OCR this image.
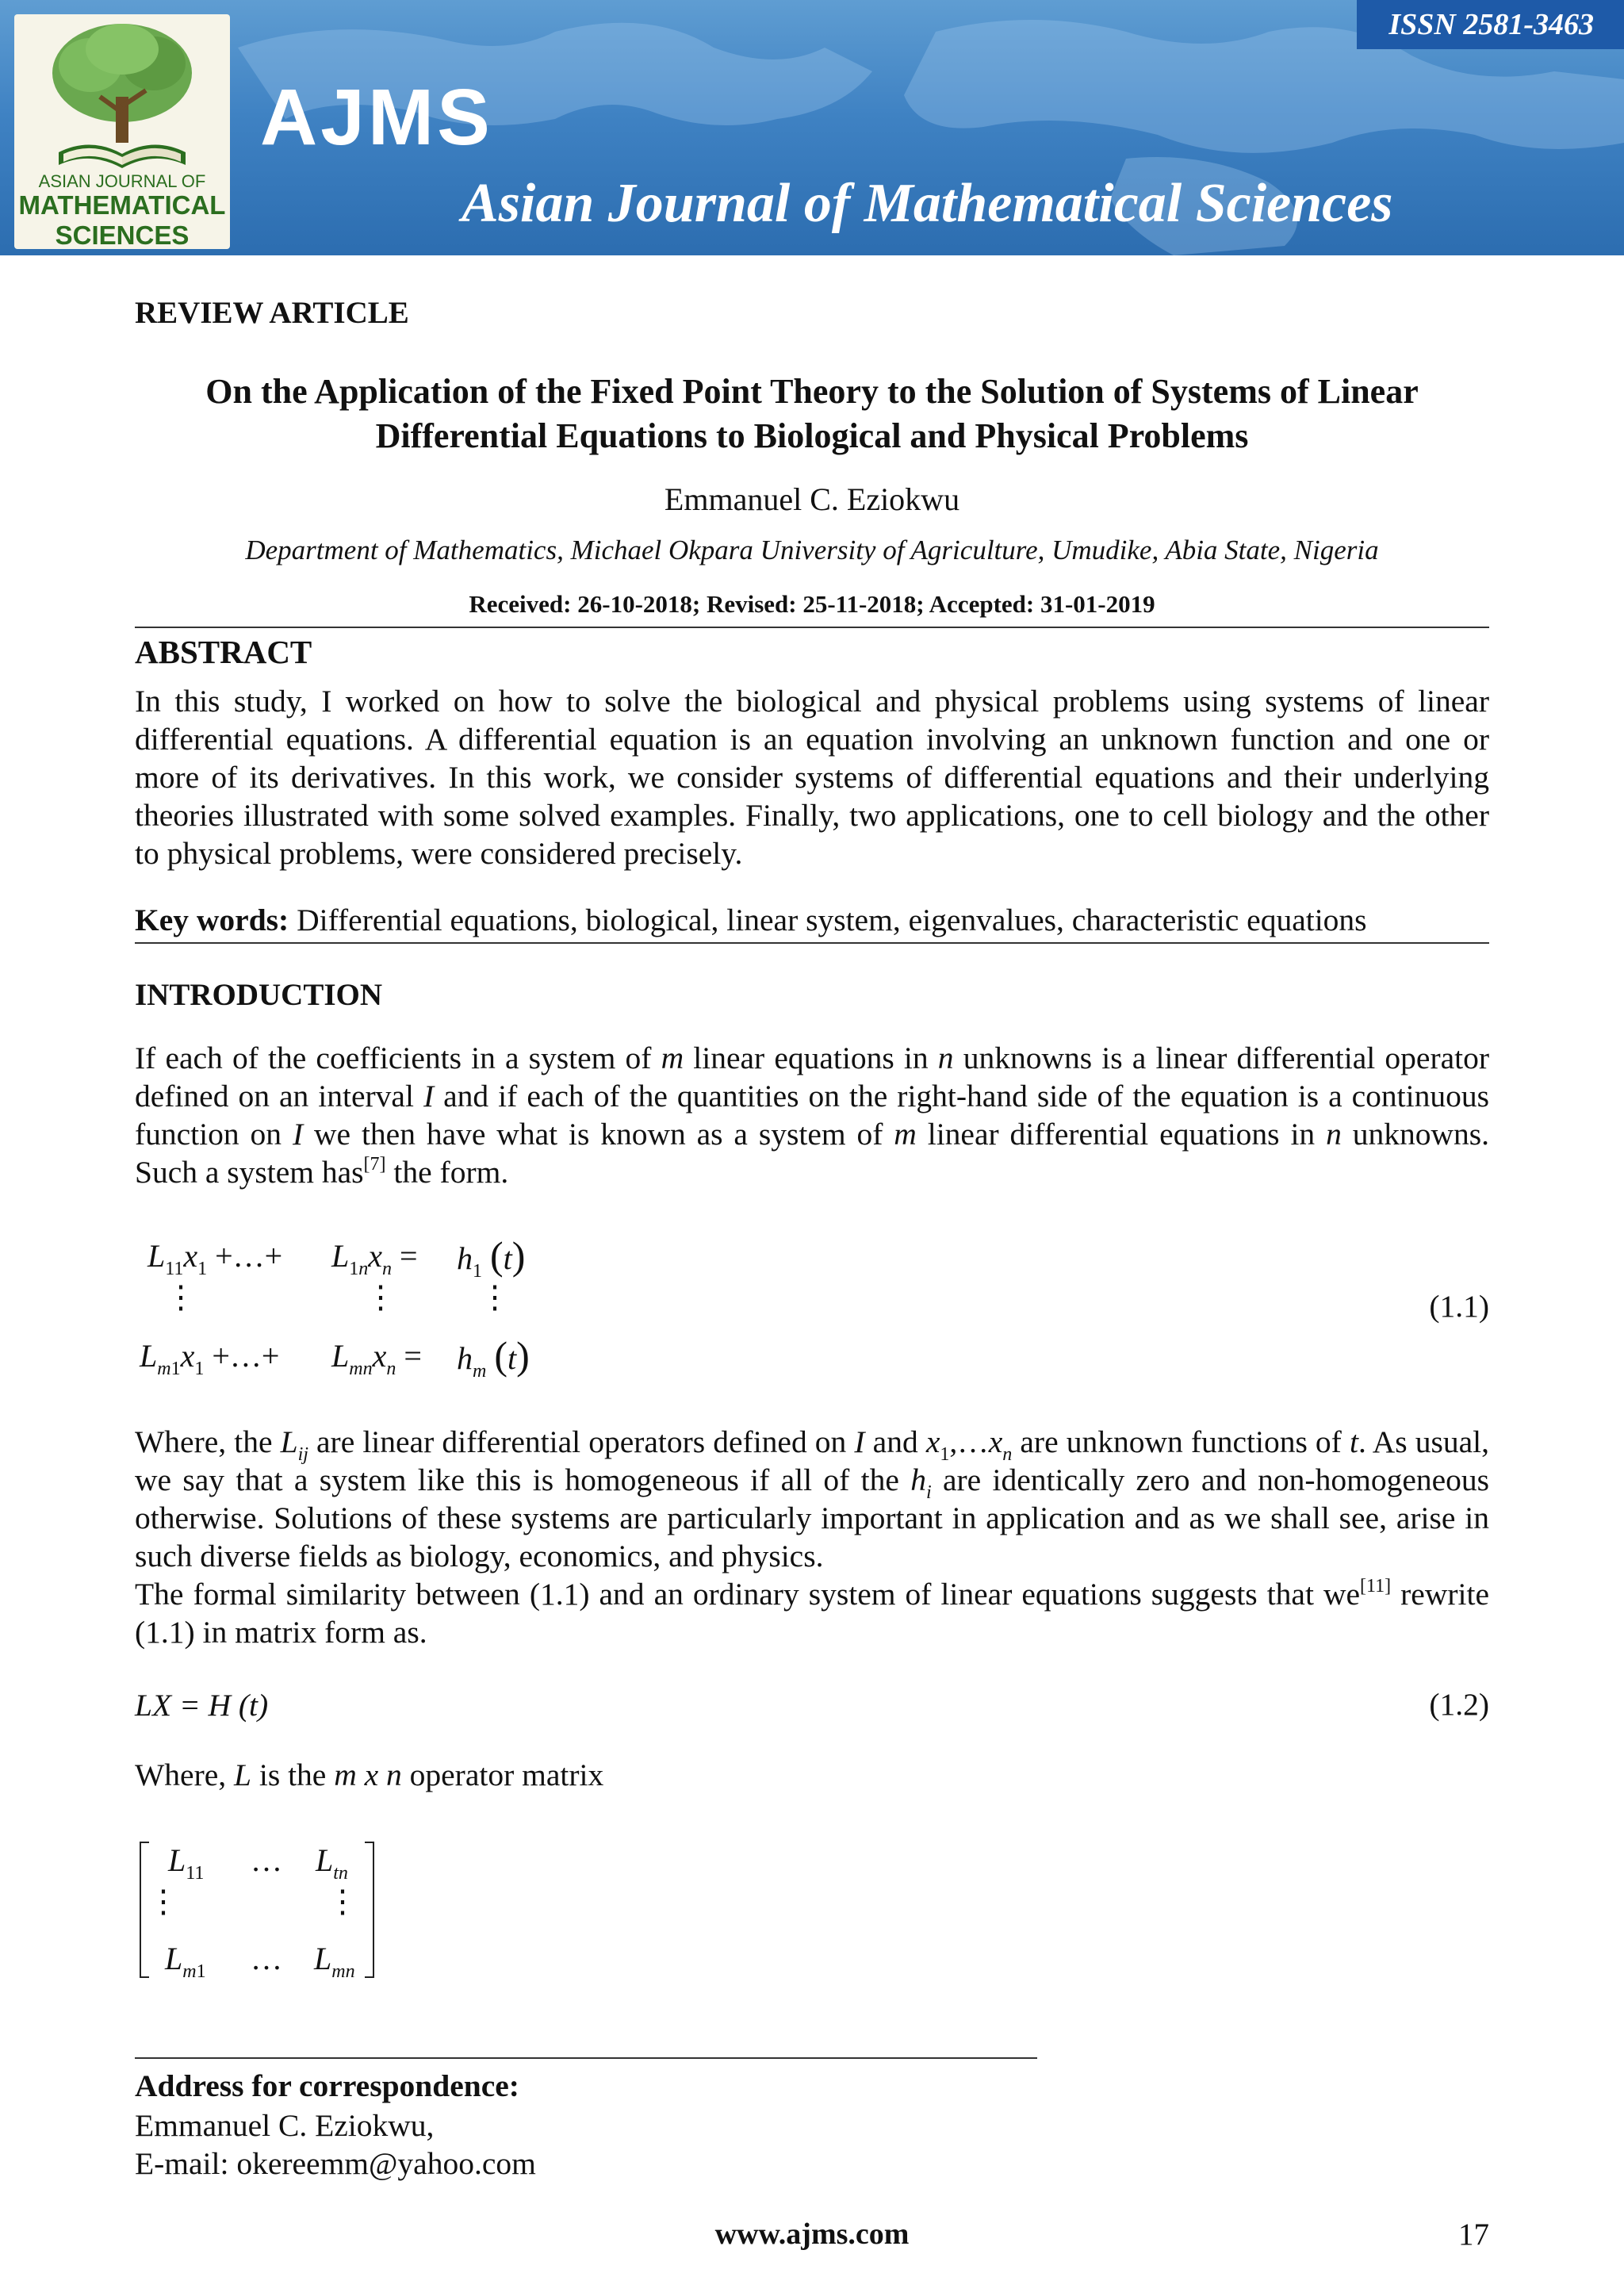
ASIAN JOURNAL OF
MATHEMATICAL
SCIENCES
ISSN 2581-3463
AJMS
Asian Journal of Mathematical Sciences
REVIEW ARTICLE
On the Application of the Fixed Point Theory to the Solution of Systems of Linear
Differential Equations to Biological and Physical Problems
Emmanuel C. Eziokwu
Department of Mathematics, Michael Okpara University of Agriculture, Umudike, Abia State, Nigeria
Received: 26-10-2018; Revised: 25-11-2018; Accepted: 31-01-2019
ABSTRACT
In this study, I worked on how to solve the biological and physical problems using systems of linear differential equations. A differential equation is an equation involving an unknown function and one or more of its derivatives. In this work, we consider systems of differential equations and their underlying theories illustrated with some solved examples. Finally, two applications, one to cell biology and the other to physical problems, were considered precisely.
Key words: Differential equations, biological, linear system, eigenvalues, characteristic equations
INTRODUCTION
If each of the coefficients in a system of m linear equations in n unknowns is a linear differential operator defined on an interval I and if each of the quantities on the right-hand side of the equation is a continuous function on I we then have what is known as a system of m linear differential equations in n unknowns. Such a system has[7] the form.
$L_{11}x_1$ +…+ $L_{1n}x_n = h_1$ (t)
⋮	⋮	⋮
$L_{m1}x_1$ +…+ $L_{mn}x_n = h_m$ (t)
(1.1)
Where, the $L_{ij}$ are linear differential operators defined on I and $x_1,\dots x_n$ are unknown functions of t. As usual, we say that a system like this is homogeneous if all of the $h_i$ are identically zero and non-homogeneous otherwise. Solutions of these systems are particularly important in application and as we shall see, arise in such diverse fields as biology, economics, and physics.
The formal similarity between (1.1) and an ordinary system of linear equations suggests that we[11] rewrite (1.1) in matrix form as.
LX = H (t)	(1.2)
Where, L is the m x n operator matrix
$L_{11}$ … $L_{tn}$
⋮	⋮
$L_{m1}$ … $L_{mn}$
Address for correspondence:
Emmanuel C. Eziokwu,
E-mail: okereemm@yahoo.com
www.ajms.com	17
